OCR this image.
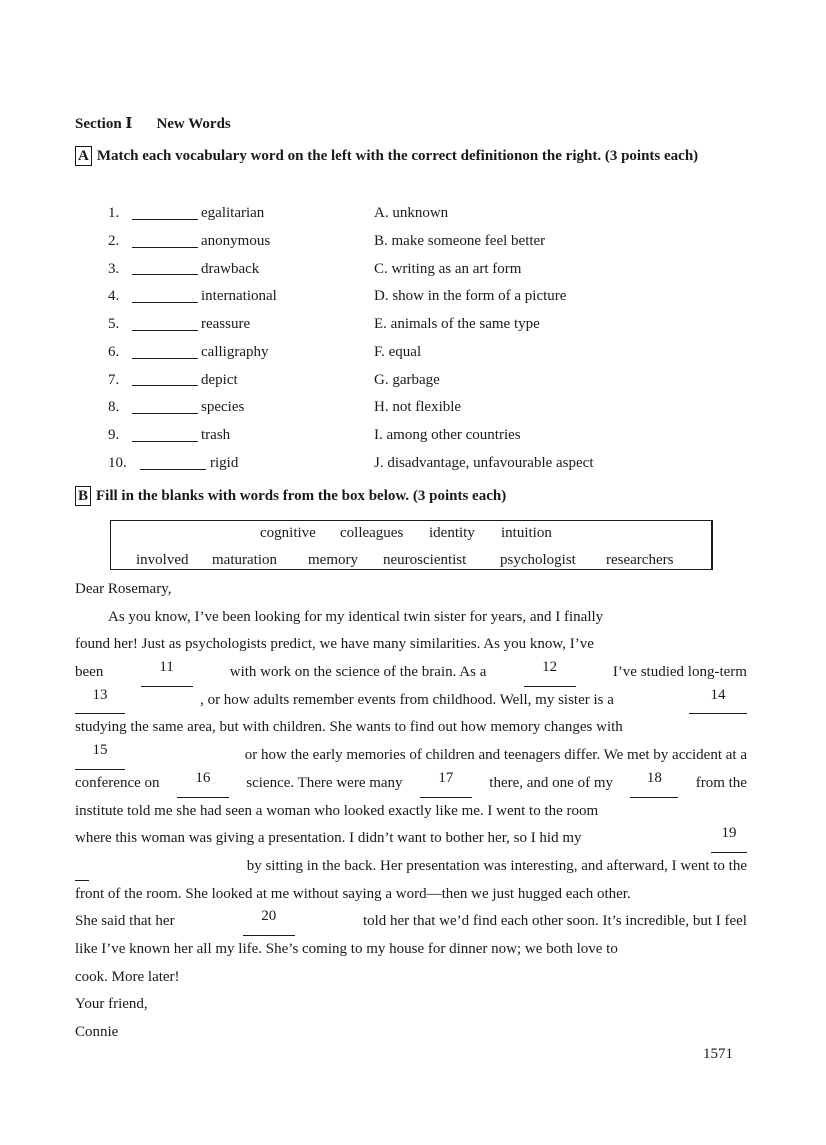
Section Ⅰ New Words
A Match each vocabulary word on the left with the correct definitionon the right. (3 points each)
1.	egalitarian	A. unknown
2.	anonymous	B. make someone feel better
3.	drawback	C. writing as an art form
4.	international	D. show in the form of a picture
5.	reassure	E. animals of the same type
6.	calligraphy	F. equal
7.	depict	G. garbage
8.	species	H. not flexible
9.	trash	I. among other countries
10.	rigid	J. disadvantage, unfavourable aspect
B Fill in the blanks with words from the box below. (3 points each)
cognitive colleagues identity intuition
involved maturation memory neuroscientist psychologist researchers
Dear Rosemary,
As you know, I’ve been looking for my identical twin sister for years, and I finally
found her! Just as psychologists predict, we have many similarities. As you know, I’ve
been	11	with work on the science of the brain. As a	12	I’ve studied long-term
13	, or how adults remember events from childhood. Well, my sister is a	14
studying the same area, but with children. She wants to find out how memory changes with
15	or how the early memories of children and teenagers differ. We met by accident at a
conference on	16	science. There were many	17	there, and one of my	18	from the
institute told me she had seen a woman who looked exactly like me. I went to the room
where this woman was giving a presentation. I didn’t want to bother her, so I hid my	19
by sitting in the back. Her presentation was interesting, and afterward, I went to the
front of the room. She looked at me without saying a word—then we just hugged each other.
She said that her	20	told her that we’d find each other soon. It’s incredible, but I feel
like I’ve known her all my life. She’s coming to my house for dinner now; we both love to
cook. More later!
Your friend,
Connie
1571
